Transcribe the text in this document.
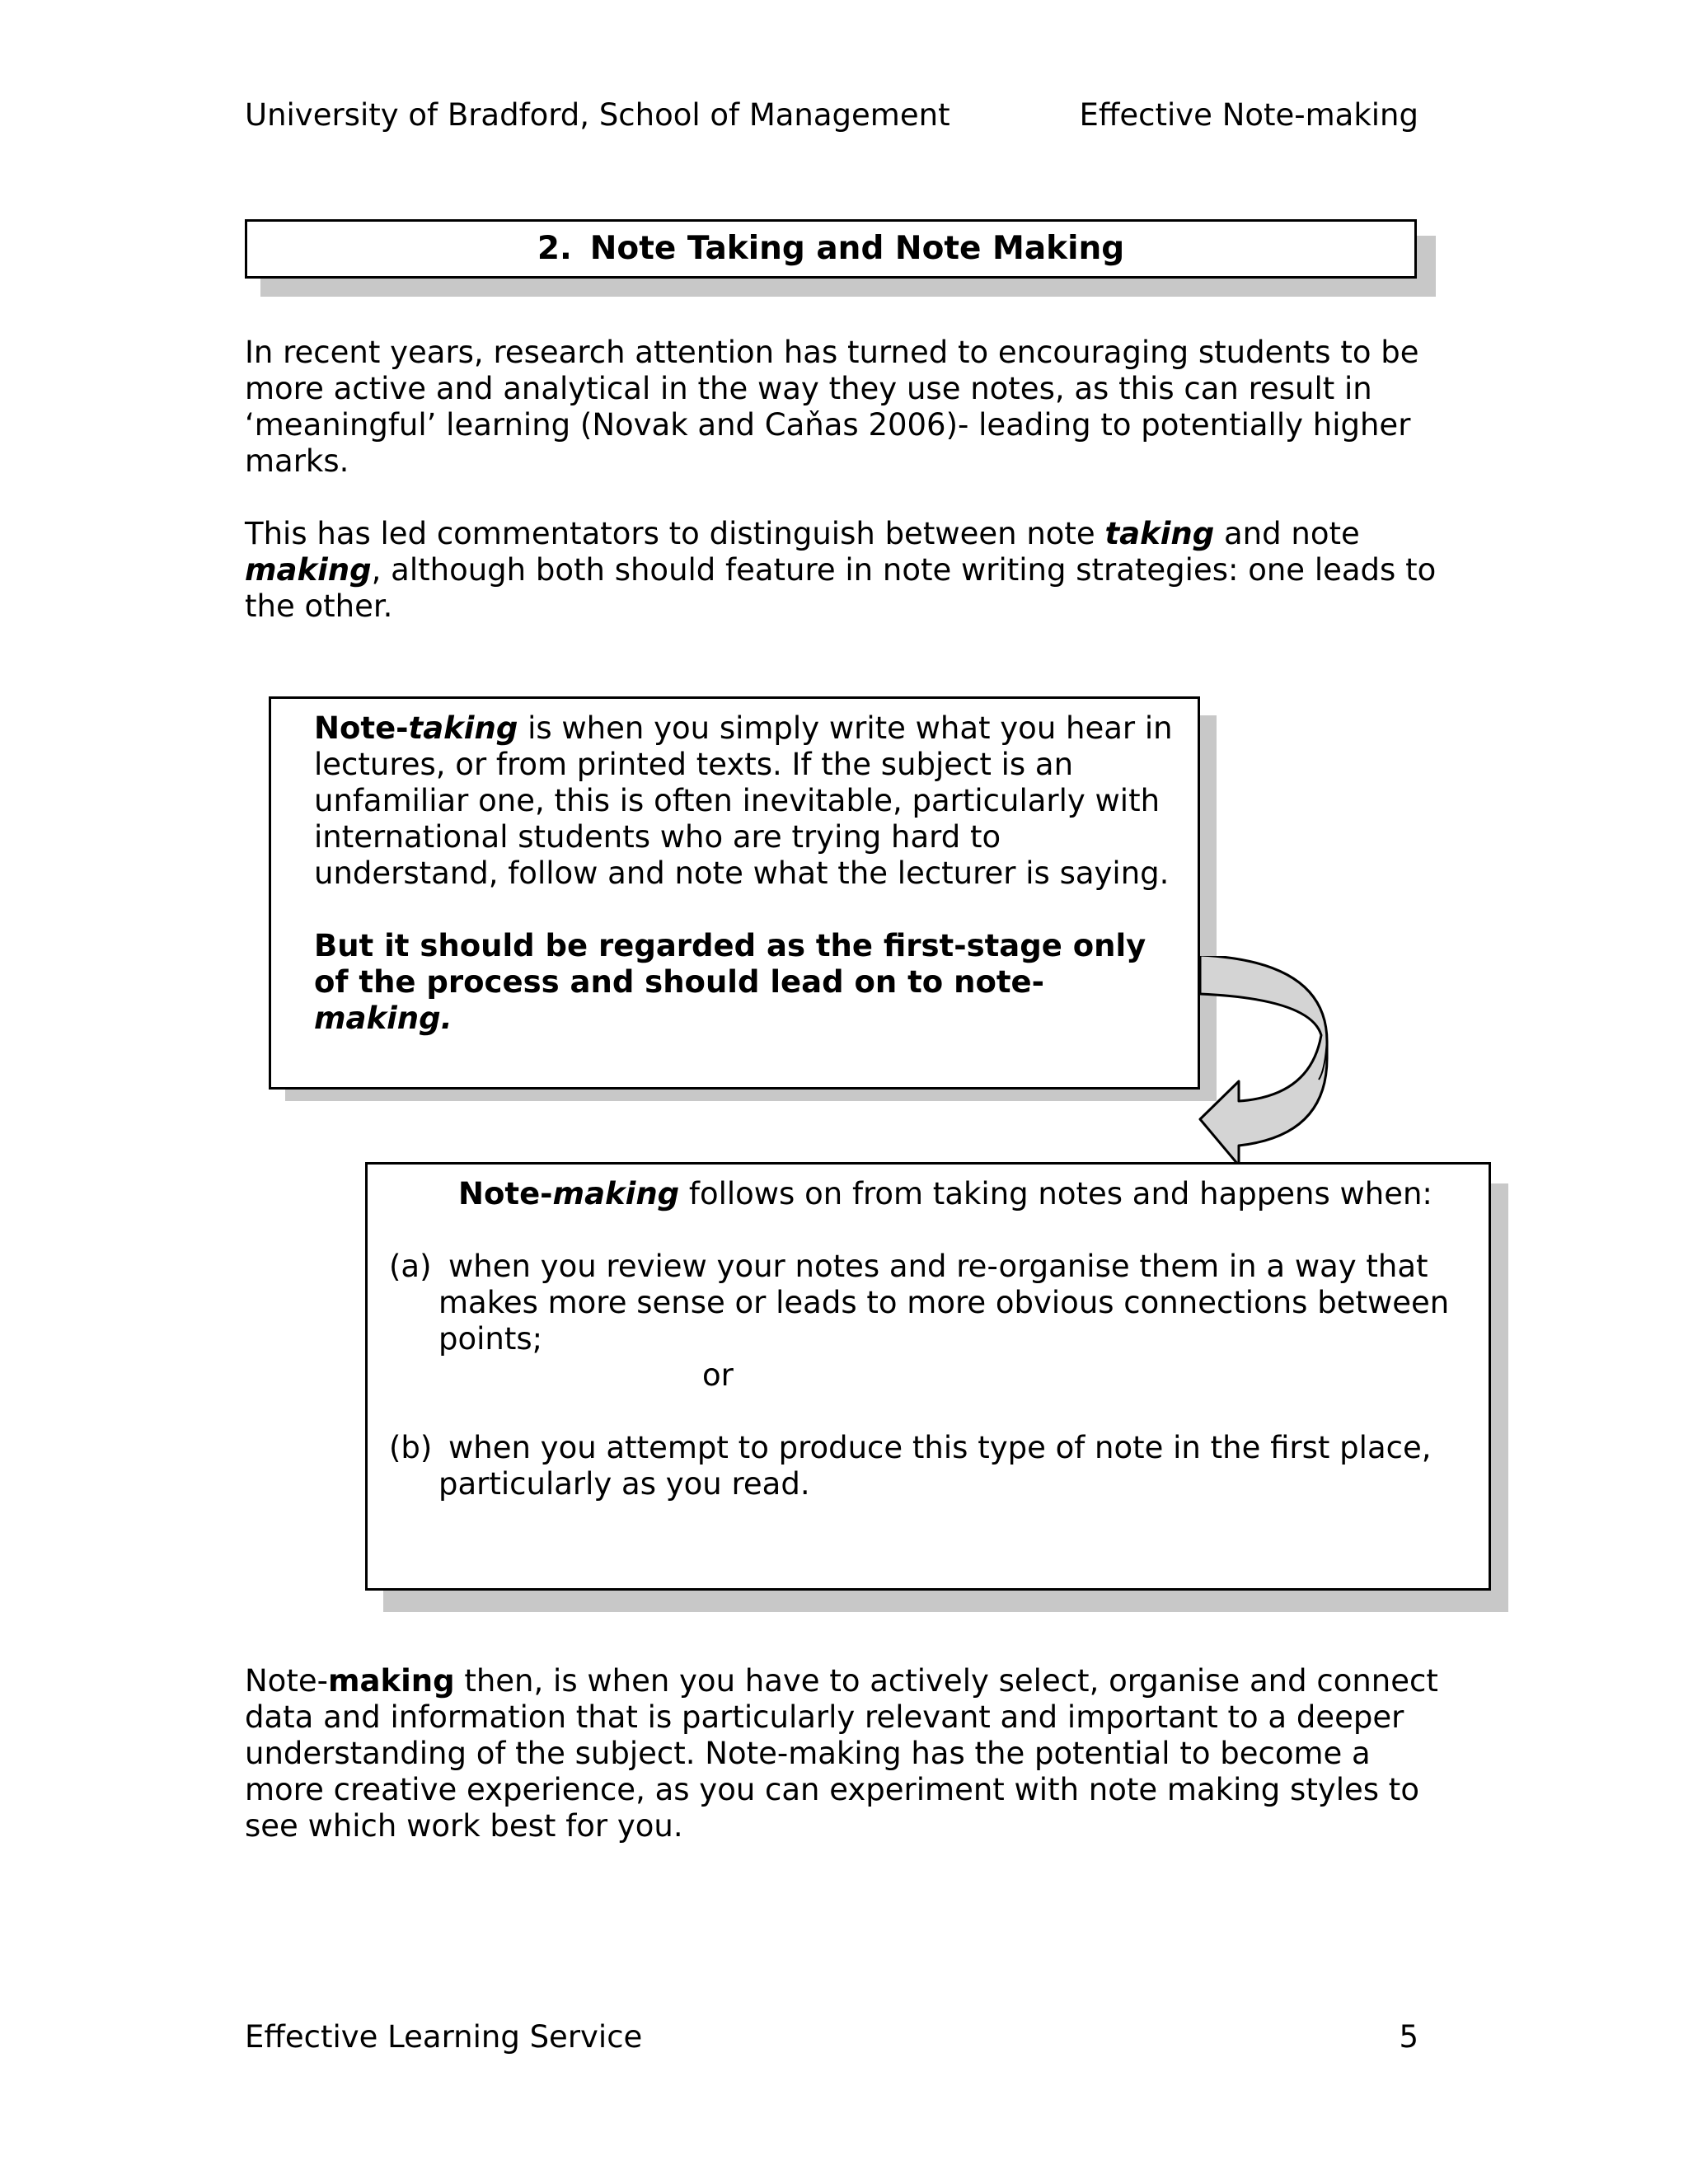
University of Bradford, School of Management	Effective Note-making
2. Note Taking and Note Making

In recent years, research attention has turned to encouraging students to be more active and analytical in the way they use notes, as this can result in ‘meaningful’ learning (Novak and Caňas 2006)- leading to potentially higher marks.

This has led commentators to distinguish between note taking and note making, although both should feature in note writing strategies: one leads to the other.

Note-taking is when you simply write what you hear in lectures, or from printed texts. If the subject is an unfamiliar one, this is often inevitable, particularly with international students who are trying hard to understand, follow and note what the lecturer is saying.

But it should be regarded as the first-stage only of the process and should lead on to note-making.

Note-making follows on from taking notes and happens when:

(a) when you review your notes and re-organise them in a way that

makes more sense or leads to more obvious connections between points;

or

(b) when you attempt to produce this type of note in the first place,

particularly as you read.

Note-making then, is when you have to actively select, organise and connect data and information that is particularly relevant and important to a deeper understanding of the subject. Note-making has the potential to become a more creative experience, as you can experiment with note making styles to see which work best for you.

Effective Learning Service	5
